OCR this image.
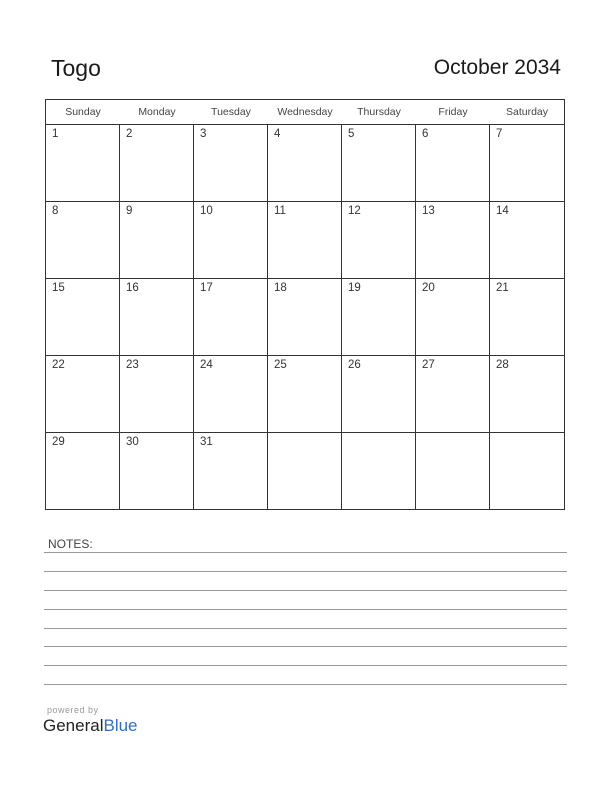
Togo	October 2034
Sunday	Monday	Tuesday	Wednesday	Thursday	Friday	Saturday
1	2	3	4	5	6	7
8	9	10	11	12	13	14
15	16	17	18	19	20	21
22	23	24	25	26	27	28
29	30	31
NOTES:
powered by
GeneralBlue
